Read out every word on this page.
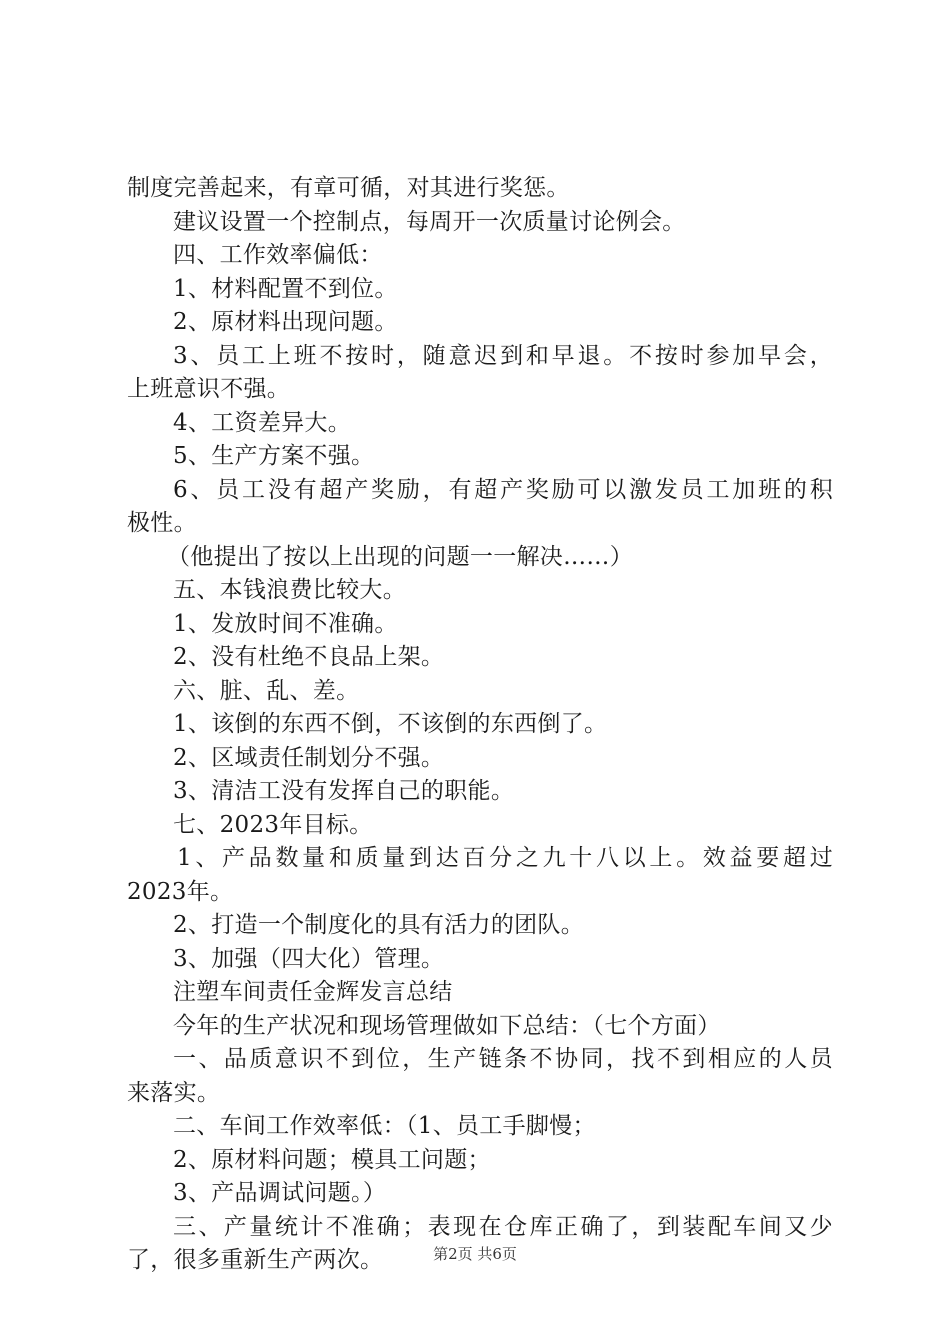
制度完善起来，有章可循，对其进行奖惩。
建议设置一个控制点，每周开一次质量讨论例会。
四、工作效率偏低：
1、材料配置不到位。
2、原材料出现问题。
3、员工上班不按时，随意迟到和早退。不按时参加早会，
上班意识不强。
4、工资差异大。
5、生产方案不强。
6、员工没有超产奖励，有超产奖励可以激发员工加班的积
极性。
（他提出了按以上出现的问题一一解决……）
五、本钱浪费比较大。
1、发放时间不准确。
2、没有杜绝不良品上架。
六、脏、乱、差。
1、该倒的东西不倒，不该倒的东西倒了。
2、区域责任制划分不强。
3、清洁工没有发挥自己的职能。
七、2023年目标。
1、产品数量和质量到达百分之九十八以上。效益要超过
2023年。
2、打造一个制度化的具有活力的团队。
3、加强（四大化）管理。
注塑车间责任金辉发言总结
今年的生产状况和现场管理做如下总结：（七个方面）
一、品质意识不到位，生产链条不协同，找不到相应的人员
来落实。
二、车间工作效率低：（1、员工手脚慢；
2、原材料问题；模具工问题；
3、产品调试问题。）
三、产量统计不准确；表现在仓库正确了，到装配车间又少
了，很多重新生产两次。	第2页 共6页
